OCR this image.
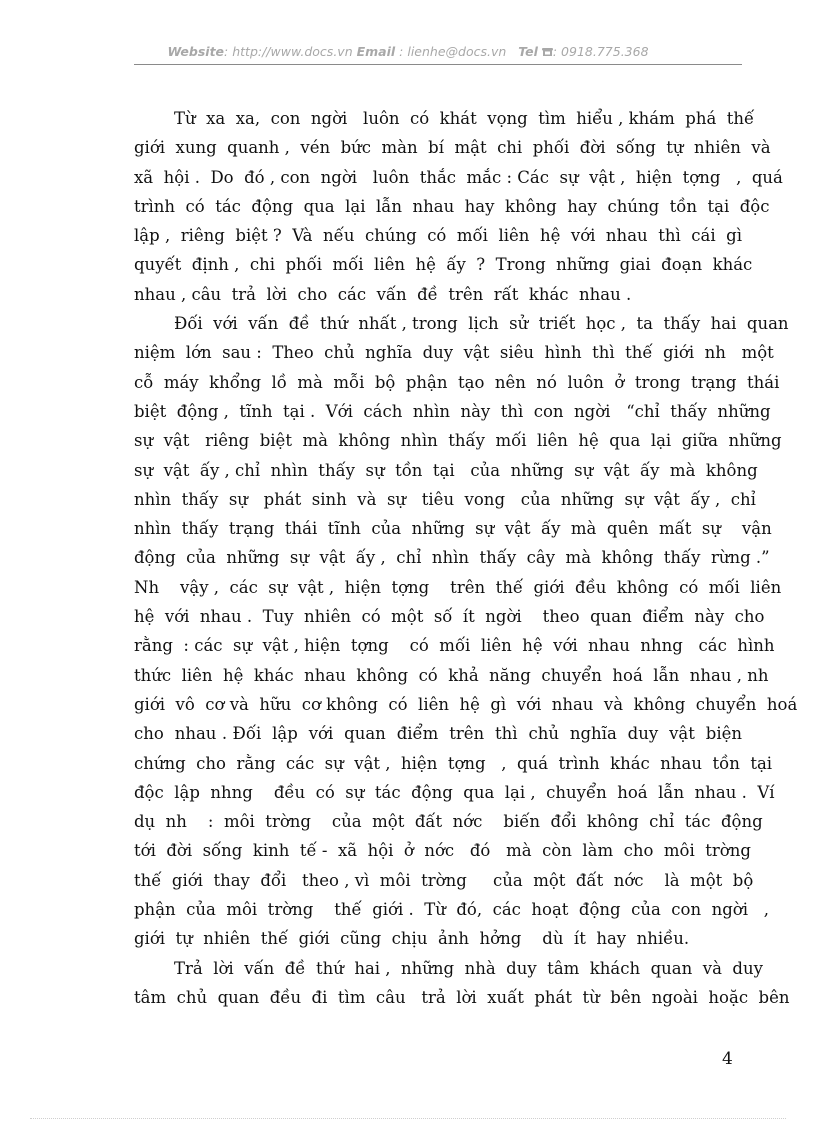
Website: http://www.docs.vn Email : lienhe@docs.vn Tel : 0918.775.368
Từ  xa  xa,  con  ngời   luôn  có  khát  vọng  tìm  hiểu , khám  phá  thế
giới  xung  quanh ,  vén  bức  màn  bí  mật  chi  phối  đời  sống  tự  nhiên  và
xã  hội .  Do  đó , con  ngời   luôn  thắc  mắc : Các  sự  vật ,  hiện  tợng   ,  quá
trình  có  tác  động  qua  lại  lẫn  nhau  hay  không  hay  chúng  tồn  tại  độc
lập ,  riêng  biệt ?  Và  nếu  chúng  có  mối  liên  hệ  với  nhau  thì  cái  gì
quyết  định ,  chi  phối  mối  liên  hệ  ấy  ?  Trong  những  giai  đoạn  khác
nhau , câu  trả  lời  cho  các  vấn  đề  trên  rất  khác  nhau .
Đối  với  vấn  đề  thứ  nhất , trong  lịch  sử  triết  học ,  ta  thấy  hai  quan
niệm  lớn  sau :  Theo  chủ  nghĩa  duy  vật  siêu  hình  thì  thế  giới  nh   một
cỗ  máy  khổng  lồ  mà  mỗi  bộ  phận  tạo  nên  nó  luôn  ở  trong  trạng  thái
biệt  động ,  tĩnh  tại .  Với  cách  nhìn  này  thì  con  ngời   “chỉ  thấy  những
sự  vật   riêng  biệt  mà  không  nhìn  thấy  mối  liên  hệ  qua  lại  giữa  những
sự  vật  ấy , chỉ  nhìn  thấy  sự  tồn  tại   của  những  sự  vật  ấy  mà  không
nhìn  thấy  sự   phát  sinh  và  sự   tiêu  vong   của  những  sự  vật  ấy ,  chỉ
nhìn  thấy  trạng  thái  tĩnh  của  những  sự  vật  ấy  mà  quên  mất  sự    vận
động  của  những  sự  vật  ấy ,  chỉ  nhìn  thấy  cây  mà  không  thấy  rừng .”
Nh    vậy ,  các  sự  vật ,  hiện  tợng    trên  thế  giới  đều  không  có  mối  liên
hệ  với  nhau .  Tuy  nhiên  có  một  số  ít  ngời    theo  quan  điểm  này  cho
rằng  : các  sự  vật , hiện  tợng    có  mối  liên  hệ  với  nhau  nhng   các  hình
thức  liên  hệ  khác  nhau  không  có  khả  năng  chuyển  hoá  lẫn  nhau , nh
giới  vô  cơ và  hữu  cơ không  có  liên  hệ  gì  với  nhau  và  không  chuyển  hoá
cho  nhau . Đối  lập  với  quan  điểm  trên  thì  chủ  nghĩa  duy  vật  biện
chứng  cho  rằng  các  sự  vật ,  hiện  tợng   ,  quá  trình  khác  nhau  tồn  tại
độc  lập  nhng    đều  có  sự  tác  động  qua  lại ,  chuyển  hoá  lẫn  nhau .  Ví
dụ  nh    :  môi  trờng    của  một  đất  nớc    biến  đổi  không  chỉ  tác  động
tới  đời  sống  kinh  tế -  xã  hội  ở  nớc   đó   mà  còn  làm  cho  môi  trờng
thế  giới  thay  đổi   theo , vì  môi  trờng     của  một  đất  nớc    là  một  bộ
phận  của  môi  trờng    thế  giới .  Từ  đó,  các  hoạt  động  của  con  ngời   ,
giới  tự  nhiên  thế  giới  cũng  chịu  ảnh  hởng    dù  ít  hay  nhiều.
Trả  lời  vấn  đề  thứ  hai ,  những  nhà  duy  tâm  khách  quan  và  duy
tâm  chủ  quan  đều  đi  tìm  câu   trả  lời  xuất  phát  từ  bên  ngoài  hoặc  bên
4
